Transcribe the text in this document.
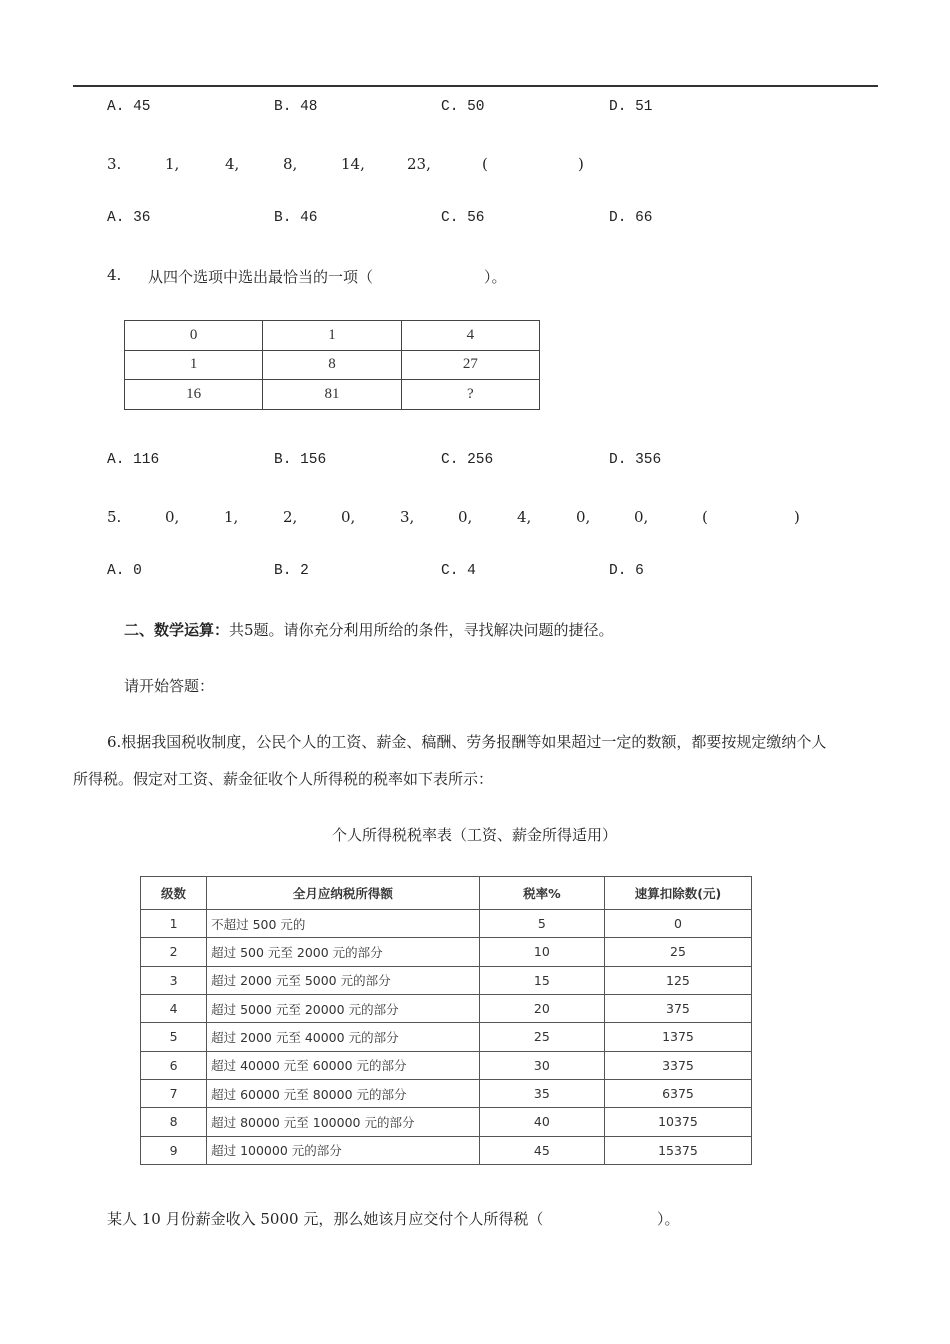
A. 45	B. 48	C. 50	D. 51
3.	1,	4,	8,	14,	23,	(	)
A. 36	B. 46	C. 56	D. 66
4. 从四个选项中选出最恰当的一项（	）。
0	1	4
1	8	27
16	81	?
A. 116	B. 156	C. 256	D. 356
5.	0,	1,	2,	0,	3,	0,	4,	0,	0,	(	)
A. 0	B. 2	C. 4	D. 6
二、数学运算：共5题。请你充分利用所给的条件，寻找解决问题的捷径。
请开始答题：
6.根据我国税收制度，公民个人的工资、薪金、稿酬、劳务报酬等如果超过一定的数额，都要按规定缴纳个人
所得税。假定对工资、薪金征收个人所得税的税率如下表所示：
个人所得税税率表（工资、薪金所得适用）
级数	全月应纳税所得额	税率%	速算扣除数(元)
1	不超过 500 元的	5	0
2	超过 500 元至 2000 元的部分	10	25
3	超过 2000 元至 5000 元的部分	15	125
4	超过 5000 元至 20000 元的部分	20	375
5	超过 2000 元至 40000 元的部分	25	1375
6	超过 40000 元至 60000 元的部分	30	3375
7	超过 60000 元至 80000 元的部分	35	6375
8	超过 80000 元至 100000 元的部分	40	10375
9	超过 100000 元的部分	45	15375
某人 10 月份薪金收入 5000 元，那么她该月应交付个人所得税（	）。
